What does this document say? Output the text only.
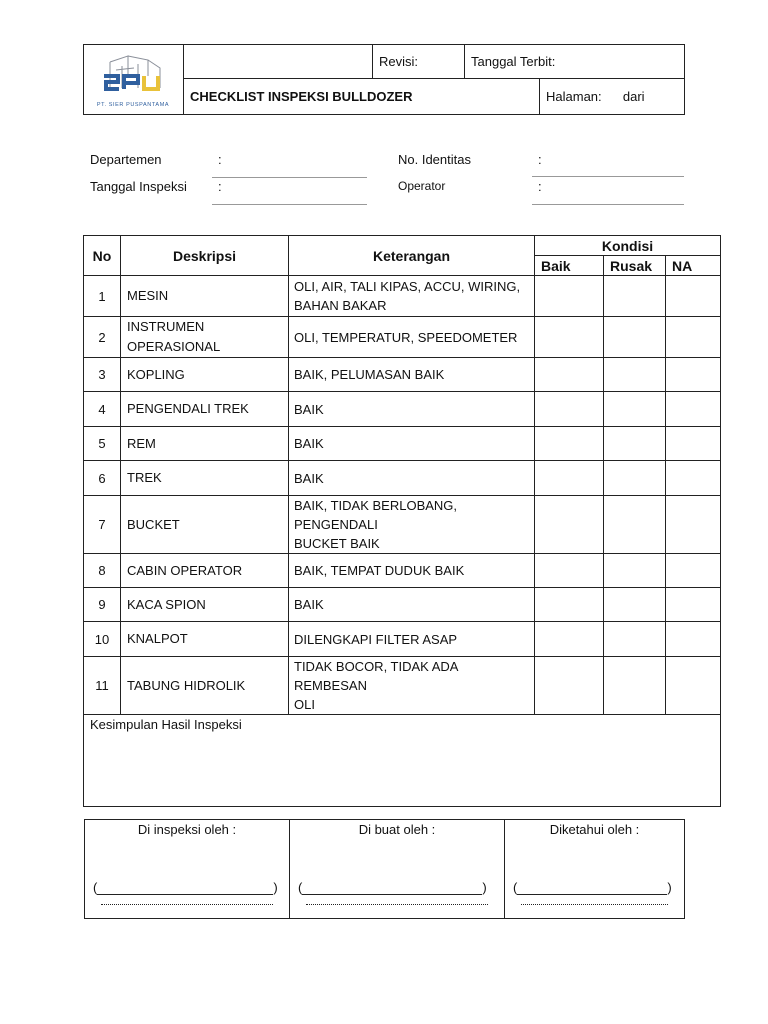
		Revisi:	Tanggal Terbit:	
	CHECKLIST INSPEKSI BULLDOZER			Halaman: dari
PT. SIER PUSPANTAMA
Departemen	:
Tanggal Inspeksi :
No. Identitas	:
Operator	:
No	Deskripsi	Keterangan	Kondisi		
			Baik	Rusak	NA
1	MESIN	OLI, AIR, TALI KIPAS, ACCU, WIRING,
BAHAN BAKAR			

2	INSTRUMEN
OPERASIONAL	OLI, TEMPERATUR, SPEEDOMETER			

3	KOPLING	BAIK, PELUMASAN BAIK			

4	PENGENDALI TREK	BAIK			

5	REM	BAIK			

6	TREK	BAIK			

7	BUCKET	BAIK, TIDAK BERLOBANG,
PENGENDALI
BUCKET BAIK			

8	CABIN OPERATOR	BAIK, TEMPAT DUDUK BAIK			

9	KACA SPION	BAIK			

10	KNALPOT	DILENGKAPI FILTER ASAP			

11	TABUNG HIDROLIK	TIDAK BOCOR, TIDAK ADA REMBESAN
OLI			

Kesimpulan Hasil Inspeksi					
Di inspeksi oleh :
(	)

Di buat oleh :
(	)

Diketahui oleh :
(	)
